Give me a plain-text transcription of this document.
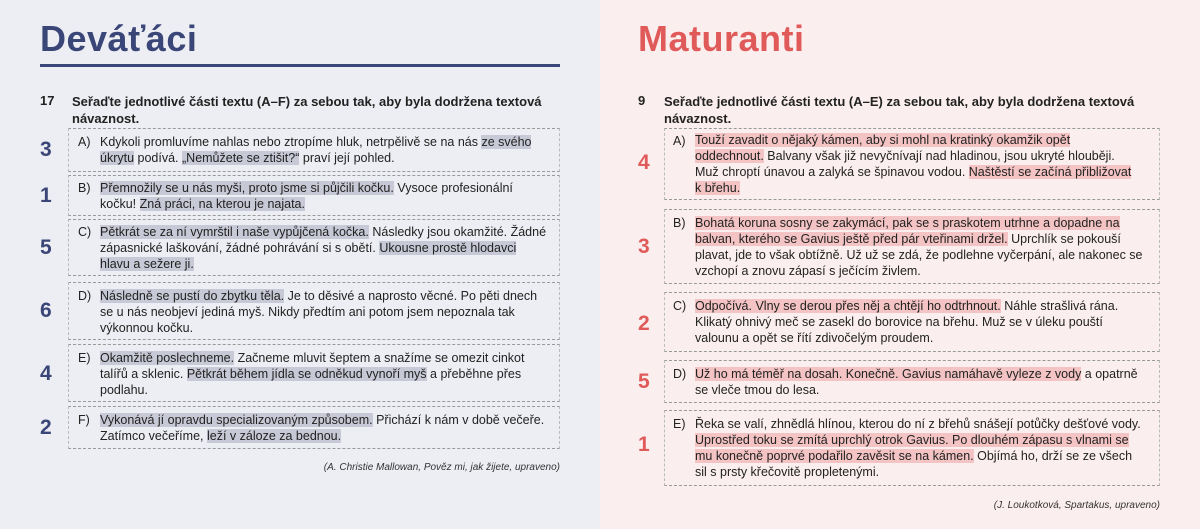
Deváťáci
17 Seřaďte jednotlivé části textu (A–F) za sebou tak, aby byla dodržena textová návaznost.
3 A) Kdykoli promluvíme nahlas nebo ztropíme hluk, netrpělivě se na nás ze svého
úkrytu podívá. „Nemůžete se ztišit?“ praví její pohled.
1 B) Přemnožily se u nás myši, proto jsme si půjčili kočku. Vysoce profesionální
kočku! Zná práci, na kterou je najata.
5
C) Pětkrát se za ní vymrštil i naše vypůjčená kočka. Následky jsou okamžité. Žádné
zápasnické laškování, žádné pohrávání si s obětí. Ukousne prostě hlodavci
hlavu a sežere ji.
6
D) Následně se pustí do zbytku těla. Je to děsivé a naprosto věcné. Po pěti dnech
se u nás neobjeví jediná myš. Nikdy předtím ani potom jsem nepoznala tak
výkonnou kočku.
4
E) Okamžitě poslechneme. Začneme mluvit šeptem a snažíme se omezit cinkot
talířů a sklenic. Pětkrát během jídla se odněkud vynoří myš a přeběhne přes
podlahu.
2 F) Vykonává jí opravdu specializovaným způsobem. Přichází k nám v době večeře.
Zatímco večeříme, leží v záloze za bednou.
(A. Christie Mallowan, Pověz mi, jak žijete, upraveno)
Maturanti
9 Seřaďte jednotlivé části textu (A–E) za sebou tak, aby byla dodržena textová návaznost.
4
A) Touží zavadit o nějaký kámen, aby si mohl na kratinký okamžik opět
oddechnout. Balvany však již nevyčnívají nad hladinou, jsou ukryté hlouběji.
Muž chroptí únavou a zalyká se špinavou vodou. Naštěstí se začíná přibližovat
k břehu.
3
B) Bohatá koruna sosny se zakymácí, pak se s praskotem utrhne a dopadne na
balvan, kterého se Gavius ještě před pár vteřinami držel. Uprchlík se pokouší
plavat, jde to však obtížně. Už už se zdá, že podlehne vyčerpání, ale nakonec se
vzchopí a znovu zápasí s ječícím živlem.
2
C) Odpočívá. Vlny se derou přes něj a chtějí ho odtrhnout. Náhle strašlivá rána.
Klikatý ohnivý meč se zasekl do borovice na břehu. Muž se v úleku pouští
valounu a opět se řítí zdivočelým proudem.
5 D) Už ho má téměř na dosah. Konečně. Gavius namáhavě vyleze z vody a opatrně
se vleče tmou do lesa.
1
E) Řeka se valí, zhnědlá hlínou, kterou do ní z břehů snášejí potůčky dešťové vody.
Uprostřed toku se zmítá uprchlý otrok Gavius. Po dlouhém zápasu s vlnami se
mu konečně poprvé podařilo zavěsit se na kámen. Objímá ho, drží se ze všech
sil s prsty křečovitě propletenými.
(J. Loukotková, Spartakus, upraveno)
